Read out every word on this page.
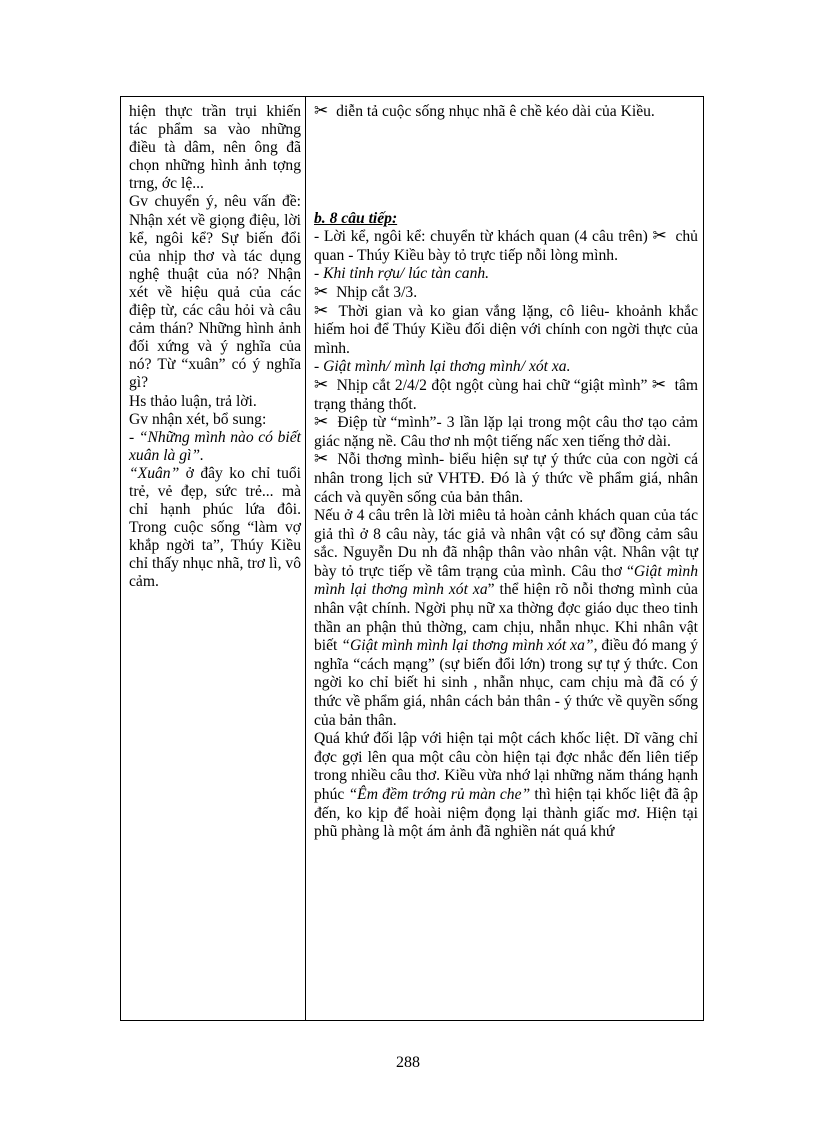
hiện thực trần trụi khiến tác phẩm sa vào những điều tà dâm, nên ông đã chọn những hình ảnh tợng trng, ớc lệ...

Gv chuyển ý, nêu vấn đề: Nhận xét về giọng điệu, lời kể, ngôi kể? Sự biến đổi của nhịp thơ và tác dụng nghệ thuật của nó? Nhận xét về hiệu quả của các điệp từ, các câu hỏi và câu cảm thán? Những hình ảnh đối xứng và ý nghĩa của nó? Từ “xuân” có ý nghĩa gì?

Hs thảo luận, trả lời.

Gv nhận xét, bổ sung:

- “Những mình nào có biết xuân là gì”.

“Xuân” ở đây ko chỉ tuổi trẻ, vẻ đẹp, sức trẻ... mà chỉ hạnh phúc lứa đôi. Trong cuộc sống “làm vợ khắp ngời ta”, Thúy Kiều chỉ thấy nhục nhã, trơ lì, vô cảm.

✂ diễn tả cuộc sống nhục nhã ê chề kéo dài của Kiều.

b. 8 câu tiếp:

- Lời kể, ngôi kể: chuyển từ khách quan (4 câu trên) ✂ chủ quan - Thúy Kiều bày tỏ trực tiếp nỗi lòng mình.

- Khi tỉnh rợu/ lúc tàn canh.

✂ Nhịp cắt 3/3.

✂ Thời gian và ko gian vắng lặng, cô liêu- khoảnh khắc hiếm hoi để Thúy Kiều đối diện với chính con ngời thực của mình.

- Giật mình/ mình lại thơng mình/ xót xa.

✂ Nhịp cắt 2/4/2 đột ngột cùng hai chữ “giật mình” ✂ tâm trạng thảng thốt.

✂ Điệp từ “mình”- 3 lần lặp lại trong một câu thơ tạo cảm giác nặng nề. Câu thơ nh một tiếng nấc xen tiếng thở dài.

✂ Nỗi thơng mình- biểu hiện sự tự ý thức của con ngời cá nhân trong lịch sử VHTĐ. Đó là ý thức về phẩm giá, nhân cách và quyền sống của bản thân.

Nếu ở 4 câu trên là lời miêu tả hoàn cảnh khách quan của tác giả thì ở 8 câu này, tác giả và nhân vật có sự đồng cảm sâu sắc. Nguyễn Du nh đã nhập thân vào nhân vật. Nhân vật tự bày tỏ trực tiếp về tâm trạng của mình. Câu thơ “Giật mình mình lại thơng mình xót xa” thể hiện rõ nỗi thơng mình của nhân vật chính. Ngời phụ nữ xa thờng đợc giáo dục theo tinh thần an phận thủ thờng, cam chịu, nhẫn nhục. Khi nhân vật biết “Giật mình mình lại thơng mình xót xa”, điều đó mang ý nghĩa “cách mạng” (sự biến đổi lớn) trong sự tự ý thức. Con ngời ko chỉ biết hi sinh , nhẫn nhục, cam chịu mà đã có ý thức về phẩm giá, nhân cách bản thân - ý thức về quyền sống của bản thân.

Quá khứ đối lập với hiện tại một cách khốc liệt. Dĩ vãng chỉ đợc gợi lên qua một câu còn hiện tại đợc nhắc đến liên tiếp trong nhiều câu thơ. Kiều vừa nhớ lại những năm tháng hạnh phúc “Êm đềm trớng rủ màn che” thì hiện tại khốc liệt đã ập đến, ko kịp để hoài niệm đọng lại thành giấc mơ. Hiện tại phũ phàng là một ám ảnh đã nghiền nát quá khứ

288
